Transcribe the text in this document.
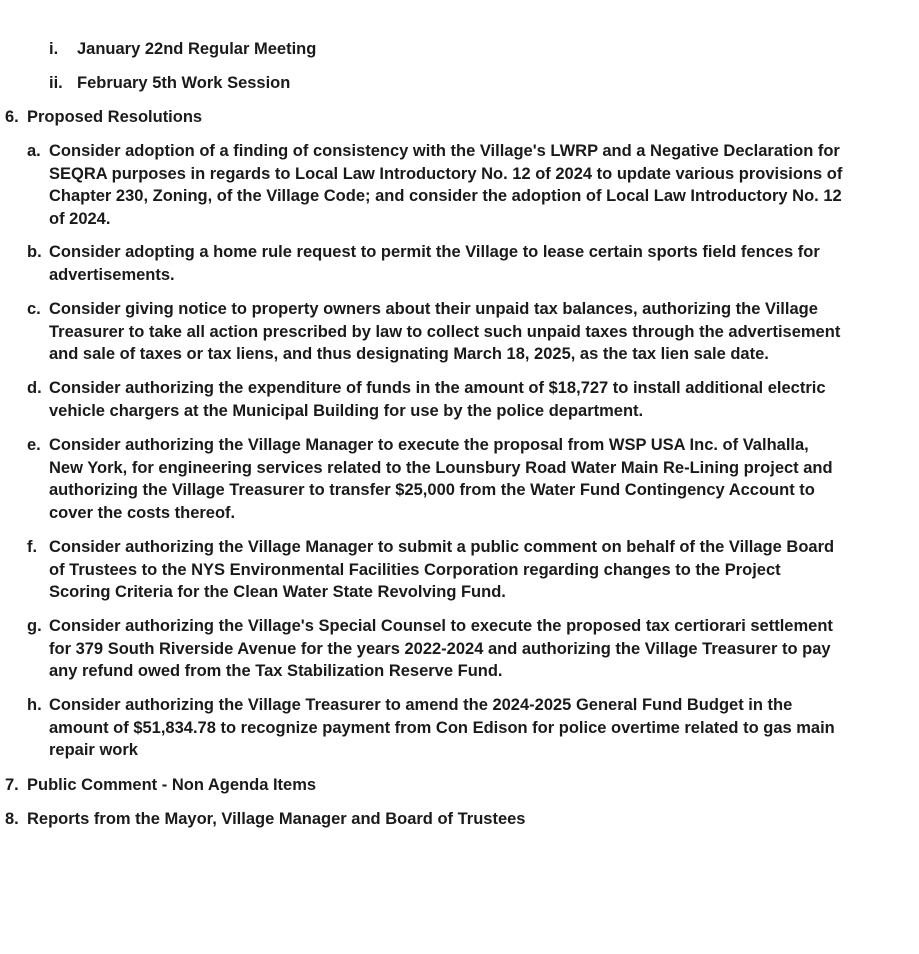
i. January 22nd Regular Meeting
ii. February 5th Work Session
6. Proposed Resolutions
a. Consider adoption of a finding of consistency with the Village's LWRP and a Negative Declaration for
SEQRA purposes in regards to Local Law Introductory No. 12 of 2024 to update various provisions of
Chapter 230, Zoning, of the Village Code; and consider the adoption of Local Law Introductory No. 12
of 2024.
b. Consider adopting a home rule request to permit the Village to lease certain sports field fences for
advertisements.
c. Consider giving notice to property owners about their unpaid tax balances, authorizing the Village
Treasurer to take all action prescribed by law to collect such unpaid taxes through the advertisement
and sale of taxes or tax liens, and thus designating March 18, 2025, as the tax lien sale date.
d. Consider authorizing the expenditure of funds in the amount of $18,727 to install additional electric
vehicle chargers at the Municipal Building for use by the police department.
e. Consider authorizing the Village Manager to execute the proposal from WSP USA Inc. of Valhalla,
New York, for engineering services related to the Lounsbury Road Water Main Re-Lining project and
authorizing the Village Treasurer to transfer $25,000 from the Water Fund Contingency Account to
cover the costs thereof.
f. Consider authorizing the Village Manager to submit a public comment on behalf of the Village Board
of Trustees to the NYS Environmental Facilities Corporation regarding changes to the Project
Scoring Criteria for the Clean Water State Revolving Fund.
g. Consider authorizing the Village's Special Counsel to execute the proposed tax certiorari settlement
for 379 South Riverside Avenue for the years 2022-2024 and authorizing the Village Treasurer to pay
any refund owed from the Tax Stabilization Reserve Fund.
h. Consider authorizing the Village Treasurer to amend the 2024-2025 General Fund Budget in the
amount of $51,834.78 to recognize payment from Con Edison for police overtime related to gas main
repair work
7. Public Comment - Non Agenda Items
8. Reports from the Mayor, Village Manager and Board of Trustees
